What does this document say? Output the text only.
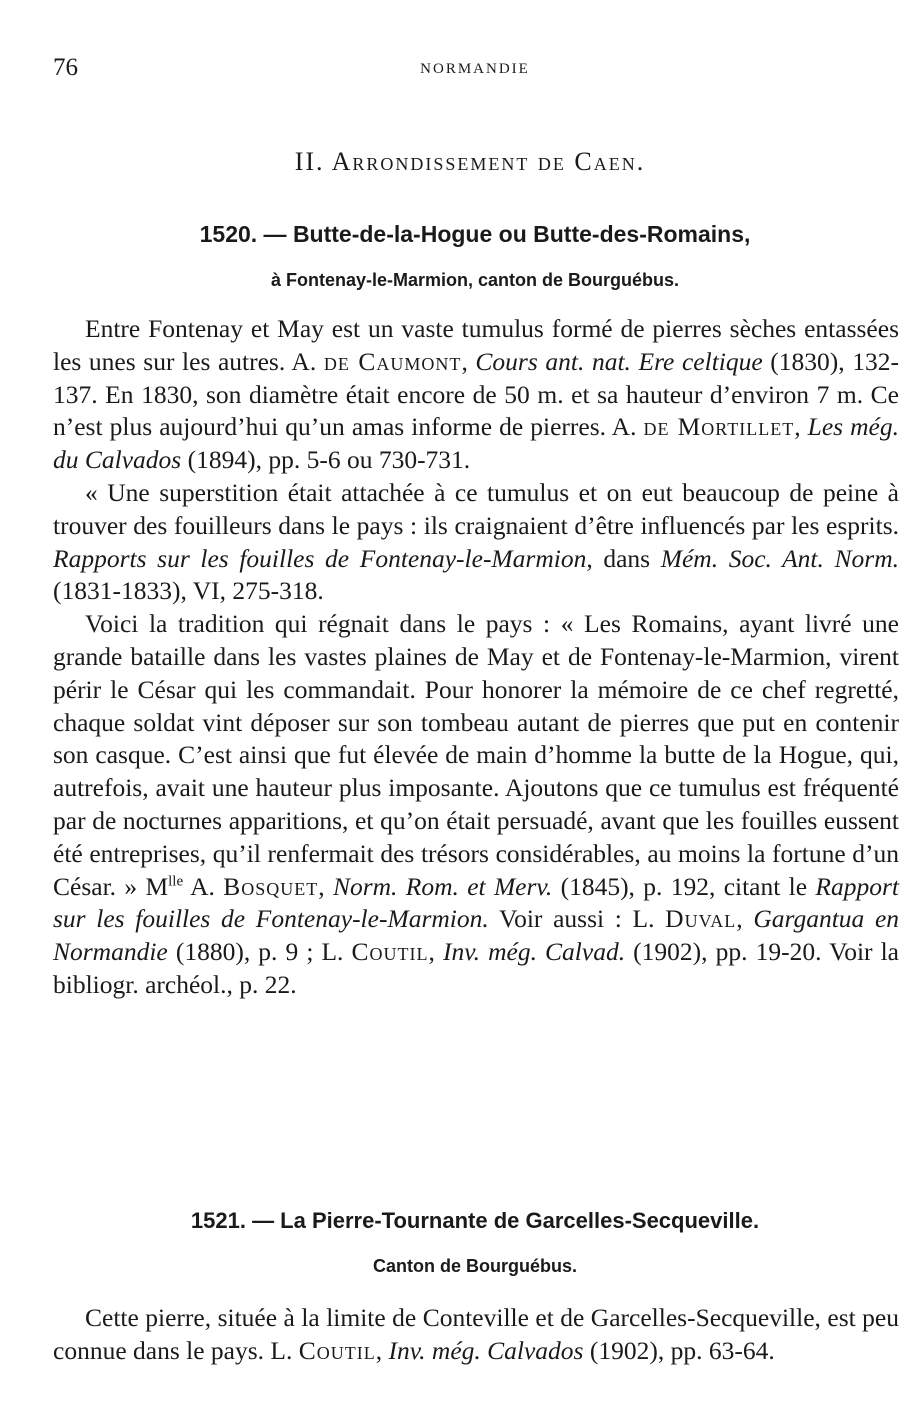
76	NORMANDIE
II. Arrondissement de Caen.
1520. — Butte-de-la-Hogue ou Butte-des-Romains,
à Fontenay-le-Marmion, canton de Bourguébus.

Entre Fontenay et May est un vaste tumulus formé de pierres sèches entassées les unes sur les autres. A. de Caumont, Cours ant. nat. Ere celtique (1830), 132-137. En 1830, son diamètre était encore de 50 m. et sa hauteur d’environ 7 m. Ce n’est plus aujourd’hui qu’un amas informe de pierres. A. de Mortillet, Les még. du Calvados (1894), pp. 5-6 ou 730-731.

« Une superstition était attachée à ce tumulus et on eut beaucoup de peine à trouver des fouilleurs dans le pays : ils craignaient d’être influencés par les esprits. Rapports sur les fouilles de Fontenay-le-Marmion, dans Mém. Soc. Ant. Norm. (1831-1833), VI, 275-318.

Voici la tradition qui régnait dans le pays : « Les Romains, ayant livré une grande bataille dans les vastes plaines de May et de Fontenay-le-Marmion, virent périr le César qui les commandait. Pour honorer la mémoire de ce chef regretté, chaque soldat vint déposer sur son tombeau autant de pierres que put en contenir son casque. C’est ainsi que fut élevée de main d’homme la butte de la Hogue, qui, autrefois, avait une hauteur plus imposante. Ajoutons que ce tumulus est fréquenté par de nocturnes apparitions, et qu’on était persuadé, avant que les fouilles eussent été entreprises, qu’il renfermait des trésors considérables, au moins la fortune d’un César. » $M^{lle}$ A. Bosquet, Norm. Rom. et Merv. (1845), p. 192, citant le Rapport sur les fouilles de Fontenay-le-Marmion. Voir aussi : L. Duval, Gargantua en Normandie (1880), p. 9 ; L. Coutil, Inv. még. Calvad. (1902), pp. 19-20. Voir la bibliogr. archéol., p. 22.

1521. — La Pierre-Tournante de Garcelles-Secqueville.
Canton de Bourguébus.

Cette pierre, située à la limite de Conteville et de Garcelles-Secqueville, est peu connue dans le pays. L. Coutil, Inv. még. Calvados (1902), pp. 63-64.
